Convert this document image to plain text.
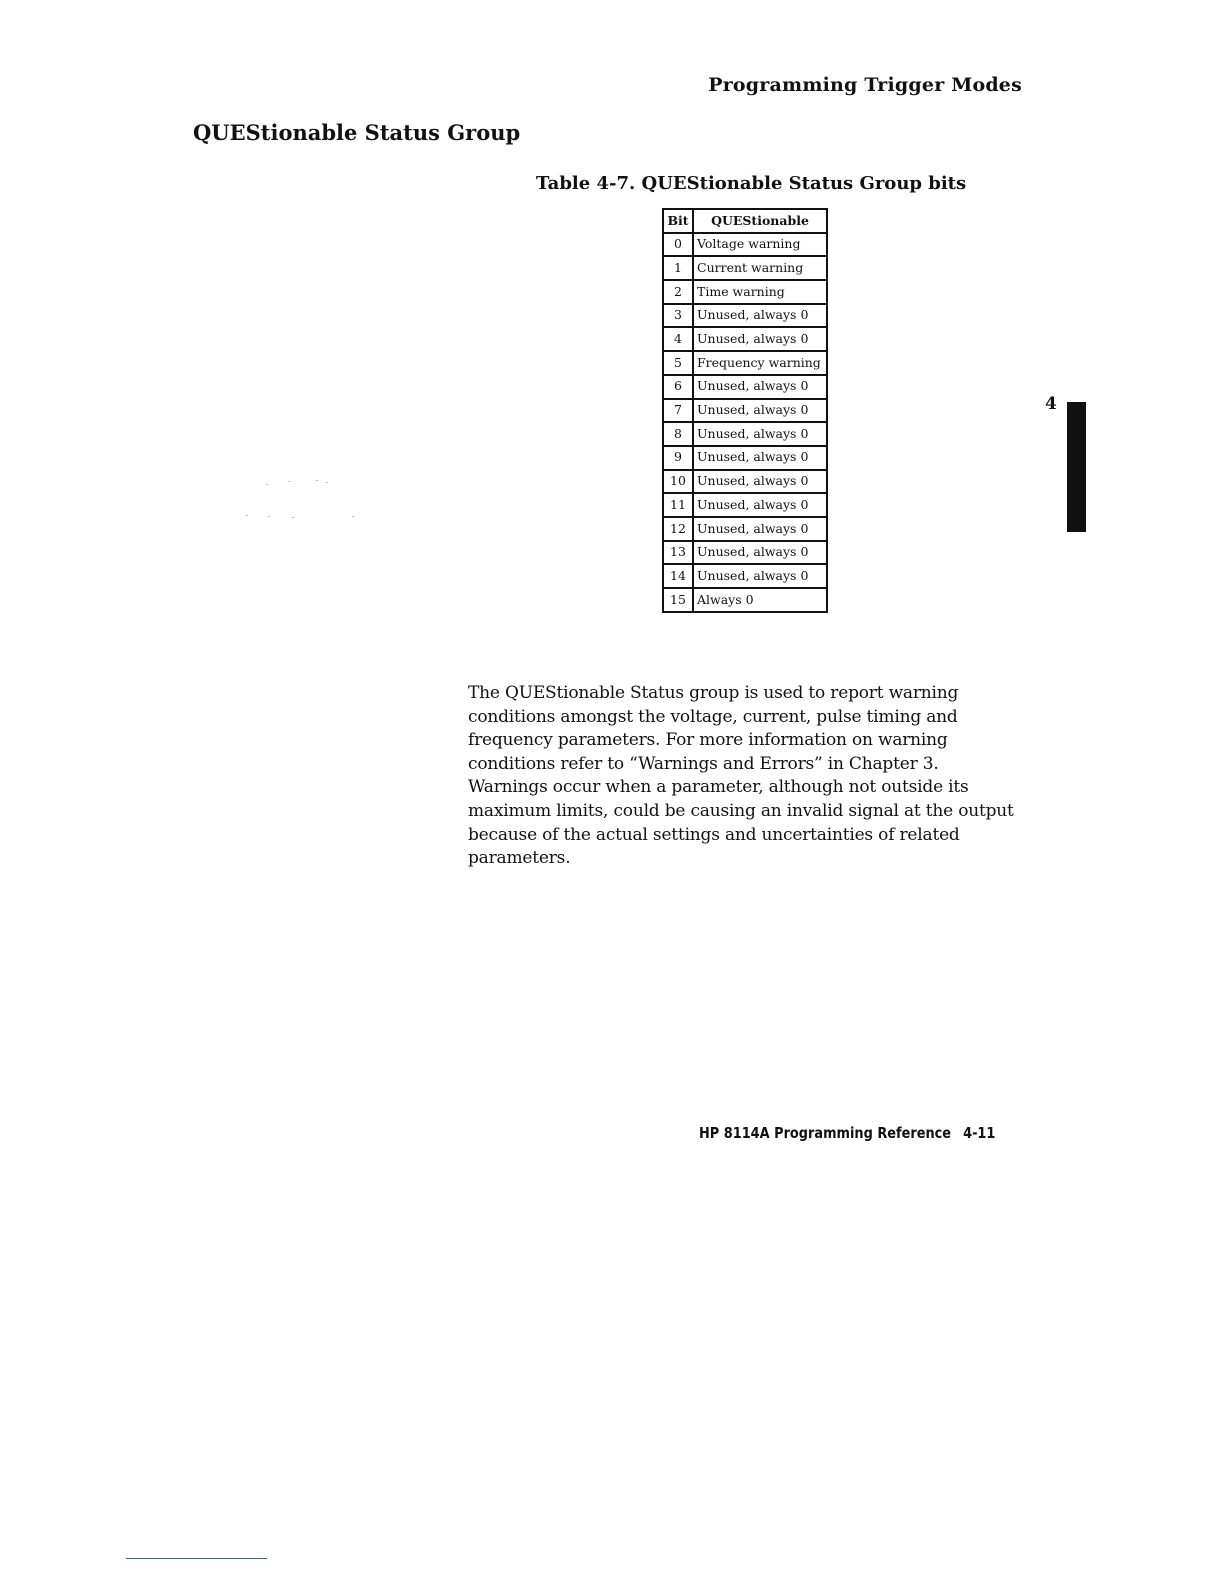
Programming Trigger Modes
QUEStionable Status Group
Table 4-7. QUEStionable Status Group bits
Bit	QUEStionable
0	Voltage warning
1	Current warning
2	Time warning
3	Unused, always 0
4	Unused, always 0
5	Frequency warning
6	Unused, always 0
7	Unused, always 0
8	Unused, always 0
9	Unused, always 0
10	Unused, always 0
11	Unused, always 0
12	Unused, always 0
13	Unused, always 0
14	Unused, always 0
15	Always 0

The QUEStionable Status group is used to report warning conditions amongst the voltage, current, pulse timing and frequency parameters. For more information on warning conditions refer to “Warnings and Errors” in Chapter 3. Warnings occur when a parameter, although not outside its maximum limits, could be causing an invalid signal at the output because of the actual settings and uncertainties of related parameters.

4
HP 8114A Programming Reference 4-11
